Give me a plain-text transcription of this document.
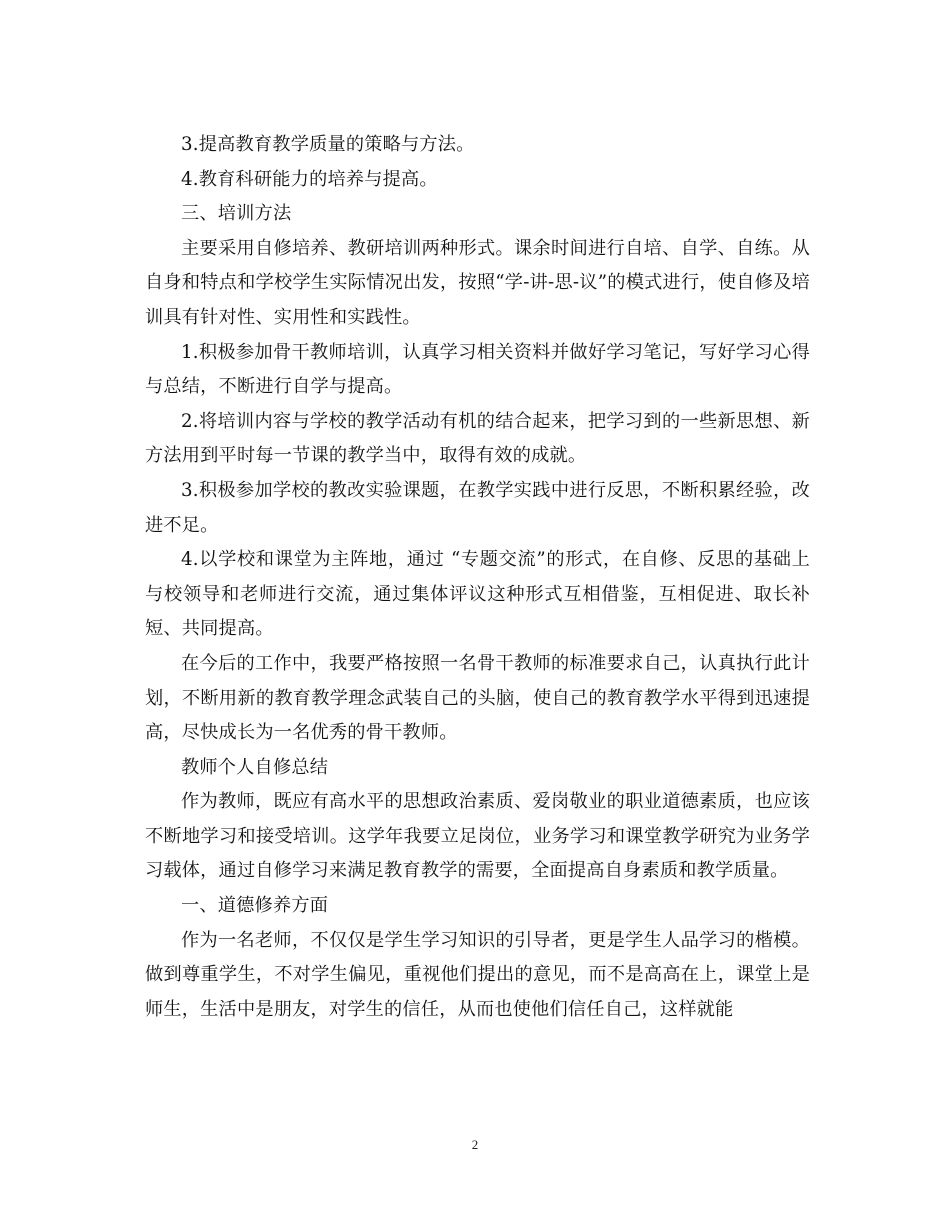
3.提高教育教学质量的策略与方法。

4.教育科研能力的培养与提高。

三、培训方法

主要采用自修培养、教研培训两种形式。课余时间进行自培、自学、自练。从自身和特点和学校学生实际情况出发，按照“学-讲-思-议”的模式进行，使自修及培训具有针对性、实用性和实践性。

1.积极参加骨干教师培训，认真学习相关资料并做好学习笔记，写好学习心得与总结，不断进行自学与提高。

2.将培训内容与学校的教学活动有机的结合起来，把学习到的一些新思想、新方法用到平时每一节课的教学当中，取得有效的成就。

3.积极参加学校的教改实验课题，在教学实践中进行反思，不断积累经验，改进不足。

4.以学校和课堂为主阵地，通过 “专题交流”的形式，在自修、反思的基础上与校领导和老师进行交流，通过集体评议这种形式互相借鉴，互相促进、取长补短、共同提高。

在今后的工作中，我要严格按照一名骨干教师的标准要求自己，认真执行此计划，不断用新的教育教学理念武装自己的头脑，使自己的教育教学水平得到迅速提高，尽快成长为一名优秀的骨干教师。

教师个人自修总结

作为教师，既应有高水平的思想政治素质、爱岗敬业的职业道德素质，也应该不断地学习和接受培训。这学年我要立足岗位，业务学习和课堂教学研究为业务学习载体，通过自修学习来满足教育教学的需要，全面提高自身素质和教学质量。

一、道德修养方面

作为一名老师，不仅仅是学生学习知识的引导者，更是学生人品学习的楷模。做到尊重学生，不对学生偏见，重视他们提出的意见，而不是高高在上，课堂上是师生，生活中是朋友，对学生的信任，从而也使他们信任自己，这样就能

2
